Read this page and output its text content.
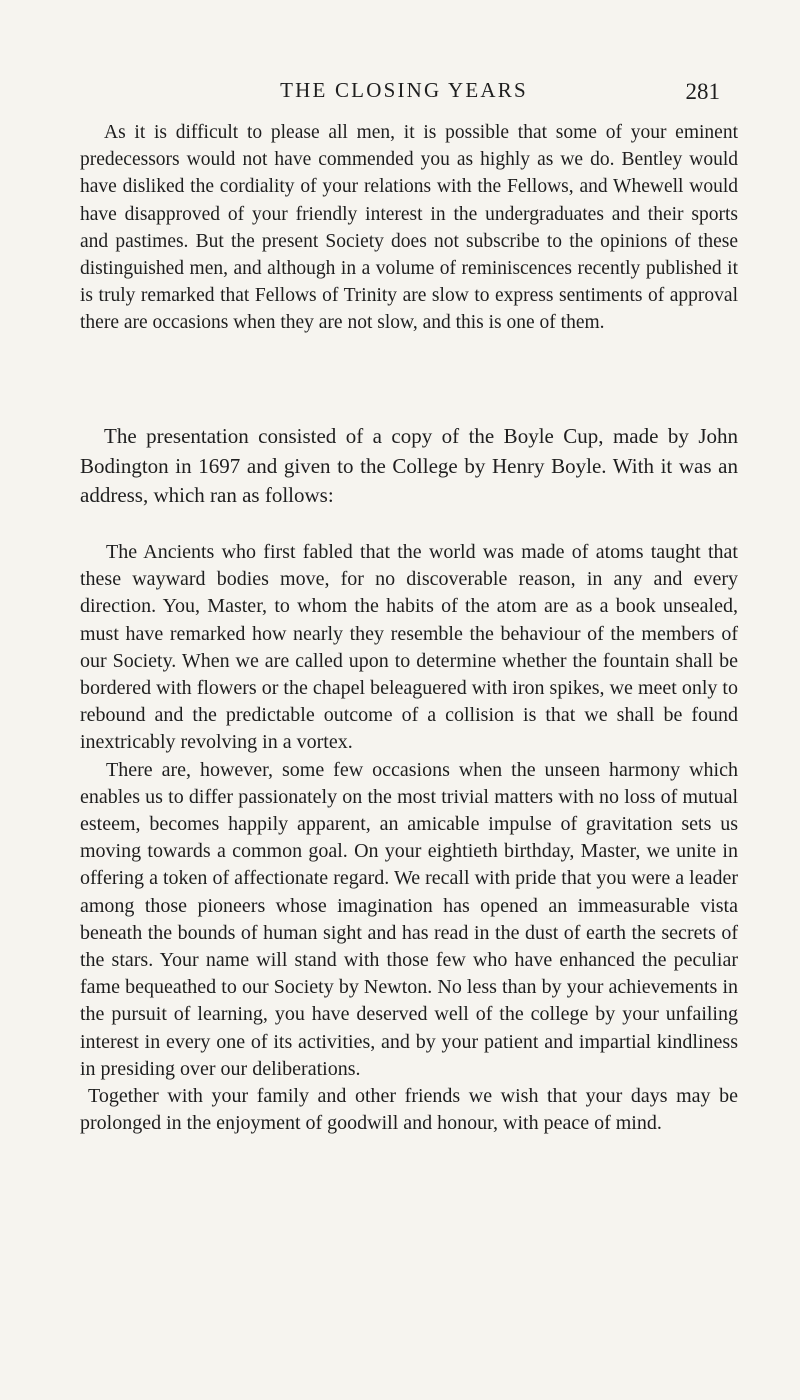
THE CLOSING YEARS	281

As it is difficult to please all men, it is possible that some of your eminent predecessors would not have commended you as highly as we do. Bentley would have disliked the cordiality of your relations with the Fellows, and Whewell would have disapproved of your friendly interest in the undergraduates and their sports and pastimes. But the present Society does not subscribe to the opinions of these distinguished men, and although in a volume of reminiscences recently published it is truly remarked that Fellows of Trinity are slow to express sentiments of approval there are occasions when they are not slow, and this is one of them.

The presentation consisted of a copy of the Boyle Cup, made by John Bodington in 1697 and given to the College by Henry Boyle. With it was an address, which ran as follows:

The Ancients who first fabled that the world was made of atoms taught that these wayward bodies move, for no discoverable reason, in any and every direction. You, Master, to whom the habits of the atom are as a book unsealed, must have remarked how nearly they resemble the behaviour of the members of our Society. When we are called upon to determine whether the fountain shall be bordered with flowers or the chapel beleaguered with iron spikes, we meet only to rebound and the predictable outcome of a collision is that we shall be found inextricably revolving in a vortex.

There are, however, some few occasions when the unseen harmony which enables us to differ passionately on the most trivial matters with no loss of mutual esteem, becomes happily apparent, an amicable impulse of gravitation sets us moving towards a common goal. On your eightieth birthday, Master, we unite in offering a token of affectionate regard. We recall with pride that you were a leader among those pioneers whose imagination has opened an immeasurable vista beneath the bounds of human sight and has read in the dust of earth the secrets of the stars. Your name will stand with those few who have enhanced the peculiar fame bequeathed to our Society by Newton. No less than by your achievements in the pursuit of learning, you have deserved well of the college by your unfailing interest in every one of its activities, and by your patient and impartial kindliness in presiding over our deliberations.

Together with your family and other friends we wish that your days may be prolonged in the enjoyment of goodwill and honour, with peace of mind.
